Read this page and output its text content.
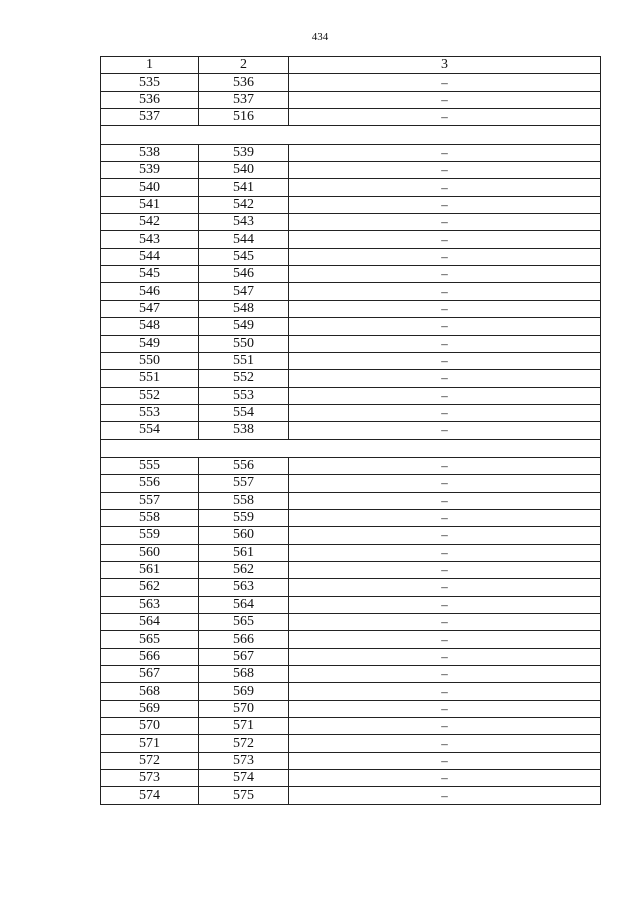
434
1	2	3
535	536	–
536	537	–
537	516	–

538	539	–
539	540	–
540	541	–
541	542	–
542	543	–
543	544	–
544	545	–
545	546	–
546	547	–
547	548	–
548	549	–
549	550	–
550	551	–
551	552	–
552	553	–
553	554	–
554	538	–

555	556	–
556	557	–
557	558	–
558	559	–
559	560	–
560	561	–
561	562	–
562	563	–
563	564	–
564	565	–
565	566	–
566	567	–
567	568	–
568	569	–
569	570	–
570	571	–
571	572	–
572	573	–
573	574	–
574	575	–
